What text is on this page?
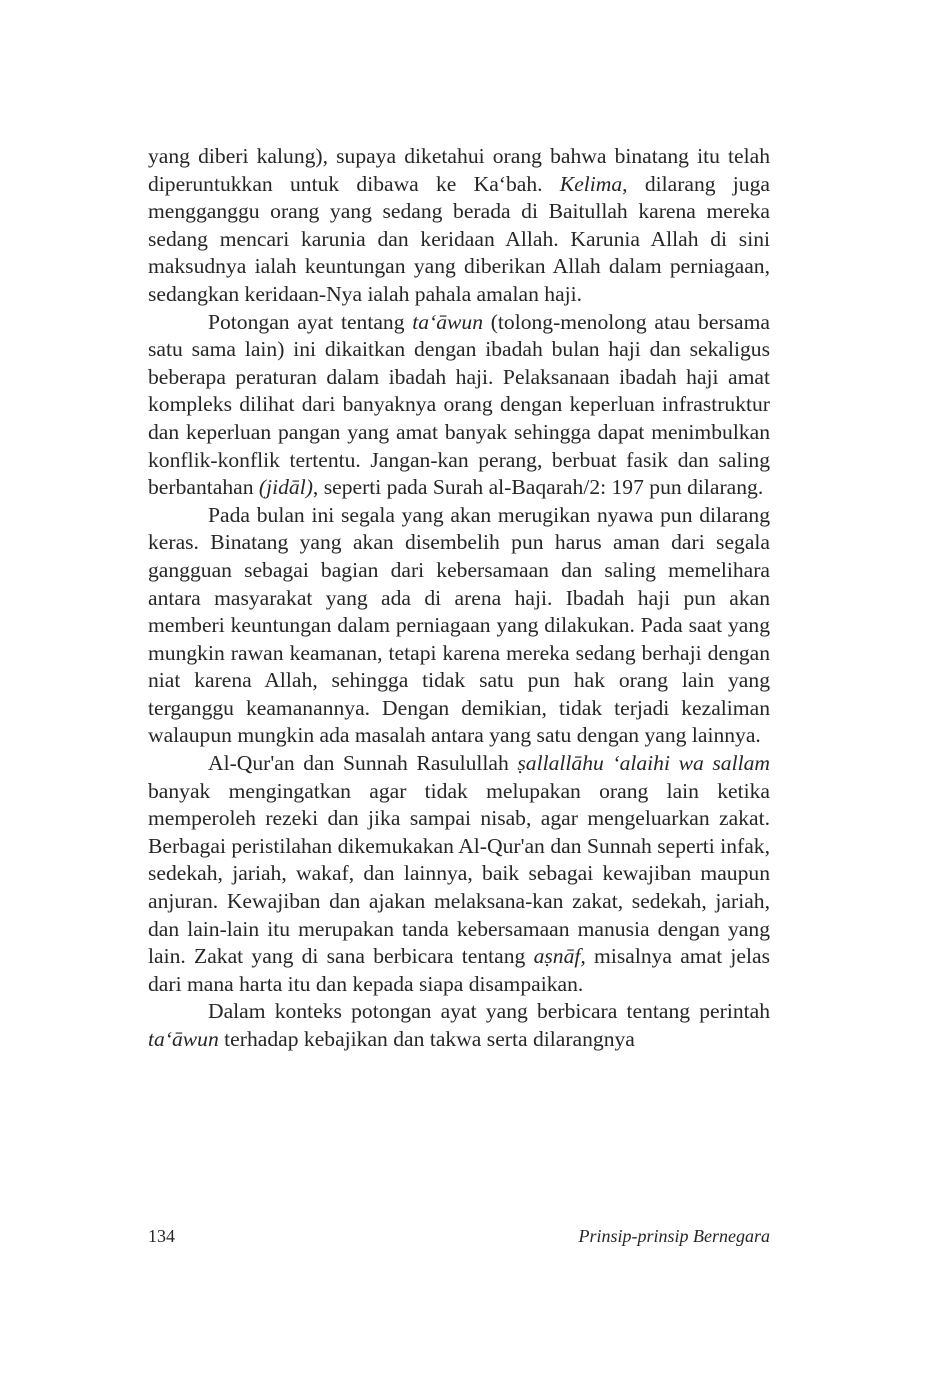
yang diberi kalung), supaya diketahui orang bahwa binatang itu telah diperuntukkan untuk dibawa ke Ka‘bah. Kelima, dilarang juga mengganggu orang yang sedang berada di Baitullah karena mereka sedang mencari karunia dan keridaan Allah. Karunia Allah di sini maksudnya ialah keuntungan yang diberikan Allah dalam perniagaan, sedangkan keridaan-Nya ialah pahala amalan haji.

Potongan ayat tentang ta‘āwun (tolong-menolong atau bersama satu sama lain) ini dikaitkan dengan ibadah bulan haji dan sekaligus beberapa peraturan dalam ibadah haji. Pelaksanaan ibadah haji amat kompleks dilihat dari banyaknya orang dengan keperluan infrastruktur dan keperluan pangan yang amat banyak sehingga dapat menimbulkan konflik-konflik tertentu. Jangan-kan perang, berbuat fasik dan saling berbantahan (jidāl), seperti pada Surah al-Baqarah/2: 197 pun dilarang.

Pada bulan ini segala yang akan merugikan nyawa pun dilarang keras. Binatang yang akan disembelih pun harus aman dari segala gangguan sebagai bagian dari kebersamaan dan saling memelihara antara masyarakat yang ada di arena haji. Ibadah haji pun akan memberi keuntungan dalam perniagaan yang dilakukan. Pada saat yang mungkin rawan keamanan, tetapi karena mereka sedang berhaji dengan niat karena Allah, sehingga tidak satu pun hak orang lain yang terganggu keamanannya. Dengan demikian, tidak terjadi kezaliman walaupun mungkin ada masalah antara yang satu dengan yang lainnya.

Al-Qur'an dan Sunnah Rasulullah ṣallallāhu ‘alaihi wa sallam banyak mengingatkan agar tidak melupakan orang lain ketika memperoleh rezeki dan jika sampai nisab, agar mengeluarkan zakat. Berbagai peristilahan dikemukakan Al-Qur'an dan Sunnah seperti infak, sedekah, jariah, wakaf, dan lainnya, baik sebagai kewajiban maupun anjuran. Kewajiban dan ajakan melaksana-kan zakat, sedekah, jariah, dan lain-lain itu merupakan tanda kebersamaan manusia dengan yang lain. Zakat yang di sana berbicara tentang aṣnāf, misalnya amat jelas dari mana harta itu dan kepada siapa disampaikan.

Dalam konteks potongan ayat yang berbicara tentang perintah ta‘āwun terhadap kebajikan dan takwa serta dilarangnya

134	Prinsip-prinsip Bernegara
